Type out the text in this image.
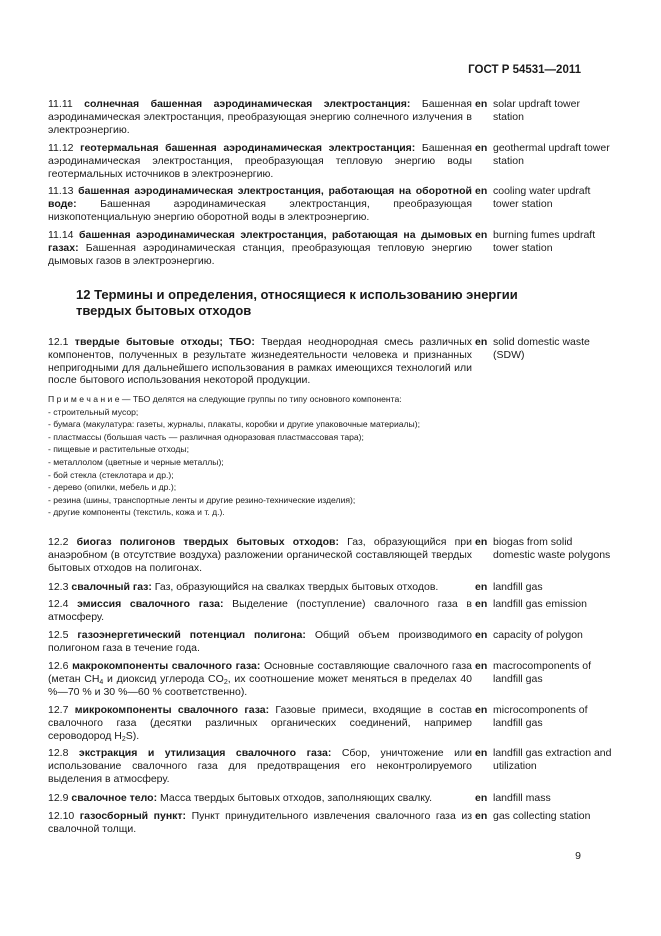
ГОСТ Р 54531—2011
11.11 солнечная башенная аэродинамическая электростанция: Башенная аэродинамическая электростанция, преобразующая энергию солнечного излучения в электроэнергию.
en solar updraft tower station
11.12 геотермальная башенная аэродинамическая электростанция: Башенная аэродинамическая электростанция, преобразующая тепловую энергию воды геотермальных источников в электроэнергию.
en geothermal updraft tower station
11.13 башенная аэродинамическая электростанция, работающая на оборотной воде: Башенная аэродинамическая электростанция, преобразующая низкопотенциальную энергию оборотной воды в электроэнергию.
en cooling water updraft tower station
11.14 башенная аэродинамическая электростанция, работающая на дымовых газах: Башенная аэродинамическая станция, преобразующая тепловую энергию дымовых газов в электроэнергию.
en burning fumes updraft tower station
12 Термины и определения, относящиеся к использованию энергии твердых бытовых отходов
12.1 твердые бытовые отходы; ТБО: Твердая неоднородная смесь различных компонентов, полученных в результате жизнедеятельности человека и признанных непригодными для дальнейшего использования в рамках имеющихся технологий или после бытового использования некоторой продукции.
en solid domestic waste (SDW)
П р и м е ч а н и е — ТБО делятся на следующие группы по типу основного компонента:
- строительный мусор;
- бумага (макулатура: газеты, журналы, плакаты, коробки и другие упаковочные материалы);
- пластмассы (большая часть — различная одноразовая пластмассовая тара);
- пищевые и растительные отходы;
- металлолом (цветные и черные металлы);
- бой стекла (стеклотара и др.);
- дерево (опилки, мебель и др.);
- резина (шины, транспортные ленты и другие резино-технические изделия);
- другие компоненты (текстиль, кожа и т. д.).
12.2 биогаз полигонов твердых бытовых отходов: Газ, образующийся при анаэробном (в отсутствие воздуха) разложении органической составляющей твердых бытовых отходов на полигонах.
en biogas from solid domestic waste polygons
12.3 свалочный газ: Газ, образующийся на свалках твердых бытовых отходов.	en landfill gas
12.4 эмиссия свалочного газа: Выделение (поступление) свалочного газа в атмосферу.
en landfill gas emission
12.5 газоэнергетический потенциал полигона: Общий объем производимого полигоном газа в течение года.
en capacity of polygon
12.6 макрокомпоненты свалочного газа: Основные составляющие свалочного газа (метан $CH_4$ и диоксид углерода $CO_2$, их соотношение может меняться в пределах 40 %—70 % и 30 %—60 % соответственно).
en macrocomponents of landfill gas
12.7 микрокомпоненты свалочного газа: Газовые примеси, входящие в состав свалочного газа (десятки различных органических соединений, например сероводород $H_2S$).
en microcomponents of landfill gas
12.8 экстракция и утилизация свалочного газа: Сбор, уничтожение или использование свалочного газа для предотвращения его неконтролируемого выделения в атмосферу.
en landfill gas extraction and utilization
12.9 свалочное тело: Масса твердых бытовых отходов, заполняющих свалку.	en landfill mass
12.10 газосборный пункт: Пункт принудительного извлечения свалочного газа из свалочной толщи.
en gas collecting station
9
